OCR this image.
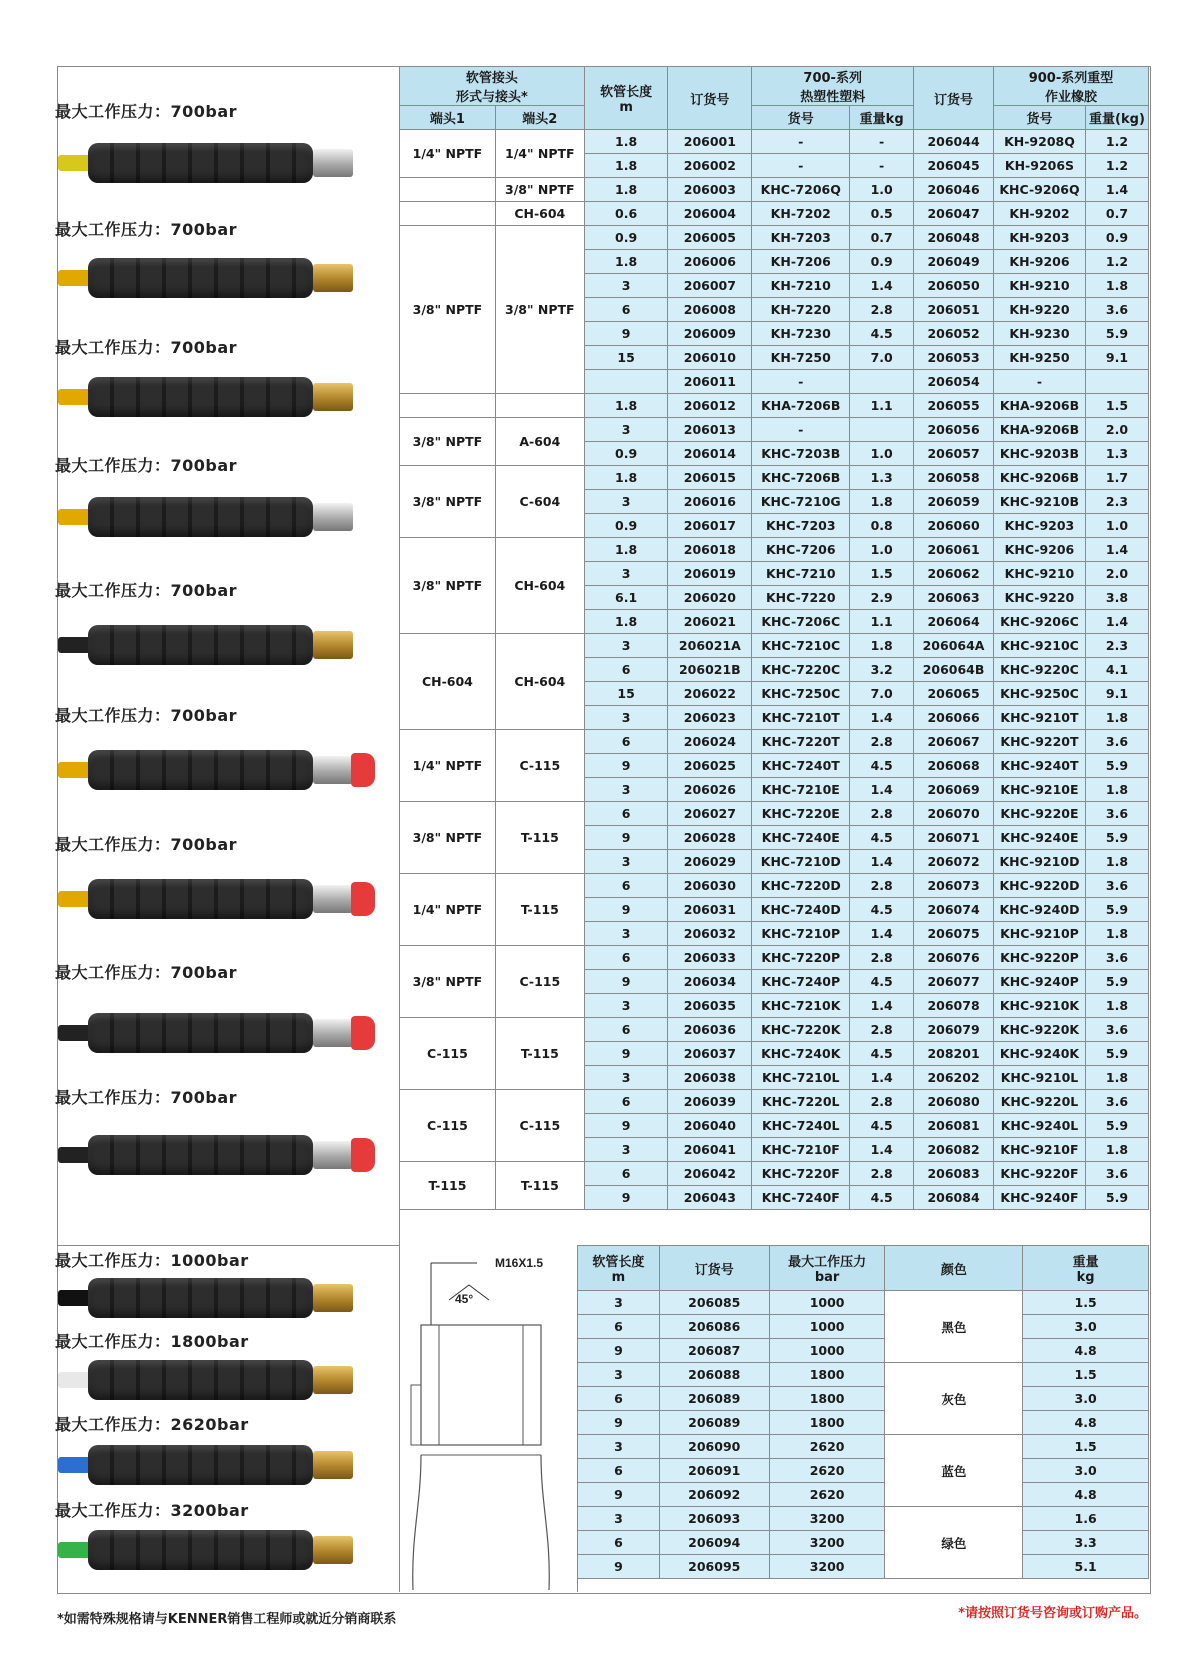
最大工作压力：700bar
最大工作压力：700bar
最大工作压力：700bar
最大工作压力：700bar
最大工作压力：700bar
最大工作压力：700bar
最大工作压力：700bar
最大工作压力：700bar
最大工作压力：700bar
最大工作压力：1000bar
最大工作压力：1800bar
最大工作压力：2620bar
最大工作压力：3200bar
软管接头
形式与接头*		软管长度
m	订货号	700-系列
热塑性塑料		订货号	900-系列重型
作业橡胶	
端头1	端头2			货号	重量kg		货号	重量(kg)
1/4" NPTF	1/4" NPTF	1.8	206001	-	-	206044	KH-9208Q	1.2
		1.8	206002	-	-	206045	KH-9206S	1.2
	3/8" NPTF	1.8	206003	KHC-7206Q	1.0	206046	KHC-9206Q	1.4
	CH-604	0.6	206004	KH-7202	0.5	206047	KH-9202	0.7
3/8" NPTF	3/8" NPTF	0.9	206005	KH-7203	0.7	206048	KH-9203	0.9
		1.8	206006	KH-7206	0.9	206049	KH-9206	1.2
		3	206007	KH-7210	1.4	206050	KH-9210	1.8
		6	206008	KH-7220	2.8	206051	KH-9220	3.6
		9	206009	KH-7230	4.5	206052	KH-9230	5.9
		15	206010	KH-7250	7.0	206053	KH-9250	9.1
			206011	-		206054	-	
		1.8	206012	KHA-7206B	1.1	206055	KHA-9206B	1.5
3/8" NPTF	A-604	3	206013	-		206056	KHA-9206B	2.0
		0.9	206014	KHC-7203B	1.0	206057	KHC-9203B	1.3
3/8" NPTF	C-604	1.8	206015	KHC-7206B	1.3	206058	KHC-9206B	1.7
		3	206016	KHC-7210G	1.8	206059	KHC-9210B	2.3
		0.9	206017	KHC-7203	0.8	206060	KHC-9203	1.0
3/8" NPTF	CH-604	1.8	206018	KHC-7206	1.0	206061	KHC-9206	1.4
		3	206019	KHC-7210	1.5	206062	KHC-9210	2.0
		6.1	206020	KHC-7220	2.9	206063	KHC-9220	3.8
		1.8	206021	KHC-7206C	1.1	206064	KHC-9206C	1.4
CH-604	CH-604	3	206021A	KHC-7210C	1.8	206064A	KHC-9210C	2.3
		6	206021B	KHC-7220C	3.2	206064B	KHC-9220C	4.1
		15	206022	KHC-7250C	7.0	206065	KHC-9250C	9.1
		3	206023	KHC-7210T	1.4	206066	KHC-9210T	1.8
1/4" NPTF	C-115	6	206024	KHC-7220T	2.8	206067	KHC-9220T	3.6
		9	206025	KHC-7240T	4.5	206068	KHC-9240T	5.9
		3	206026	KHC-7210E	1.4	206069	KHC-9210E	1.8
3/8" NPTF	T-115	6	206027	KHC-7220E	2.8	206070	KHC-9220E	3.6
		9	206028	KHC-7240E	4.5	206071	KHC-9240E	5.9
		3	206029	KHC-7210D	1.4	206072	KHC-9210D	1.8
1/4" NPTF	T-115	6	206030	KHC-7220D	2.8	206073	KHC-9220D	3.6
		9	206031	KHC-7240D	4.5	206074	KHC-9240D	5.9
		3	206032	KHC-7210P	1.4	206075	KHC-9210P	1.8
3/8" NPTF	C-115	6	206033	KHC-7220P	2.8	206076	KHC-9220P	3.6
		9	206034	KHC-7240P	4.5	206077	KHC-9240P	5.9
		3	206035	KHC-7210K	1.4	206078	KHC-9210K	1.8
C-115	T-115	6	206036	KHC-7220K	2.8	206079	KHC-9220K	3.6
		9	206037	KHC-7240K	4.5	208201	KHC-9240K	5.9
		3	206038	KHC-7210L	1.4	206202	KHC-9210L	1.8
C-115	C-115	6	206039	KHC-7220L	2.8	206080	KHC-9220L	3.6
		9	206040	KHC-7240L	4.5	206081	KHC-9240L	5.9
		3	206041	KHC-7210F	1.4	206082	KHC-9210F	1.8
T-115	T-115	6	206042	KHC-7220F	2.8	206083	KHC-9220F	3.6
		9	206043	KHC-7240F	4.5	206084	KHC-9240F	5.9
M16X1.5
45°
软管长度
m	订货号	最大工作压力
bar	颜色	重量
kg
3	206085	1000	黑色	1.5
6	206086	1000		3.0
9	206087	1000		4.8
3	206088	1800	灰色	1.5
6	206089	1800		3.0
9	206089	1800		4.8
3	206090	2620	蓝色	1.5
6	206091	2620		3.0
9	206092	2620		4.8
3	206093	3200	绿色	1.6
6	206094	3200		3.3
9	206095	3200		5.1
*如需特殊规格请与KENNER销售工程师或就近分销商联系	*请按照订货号咨询或订购产品。
